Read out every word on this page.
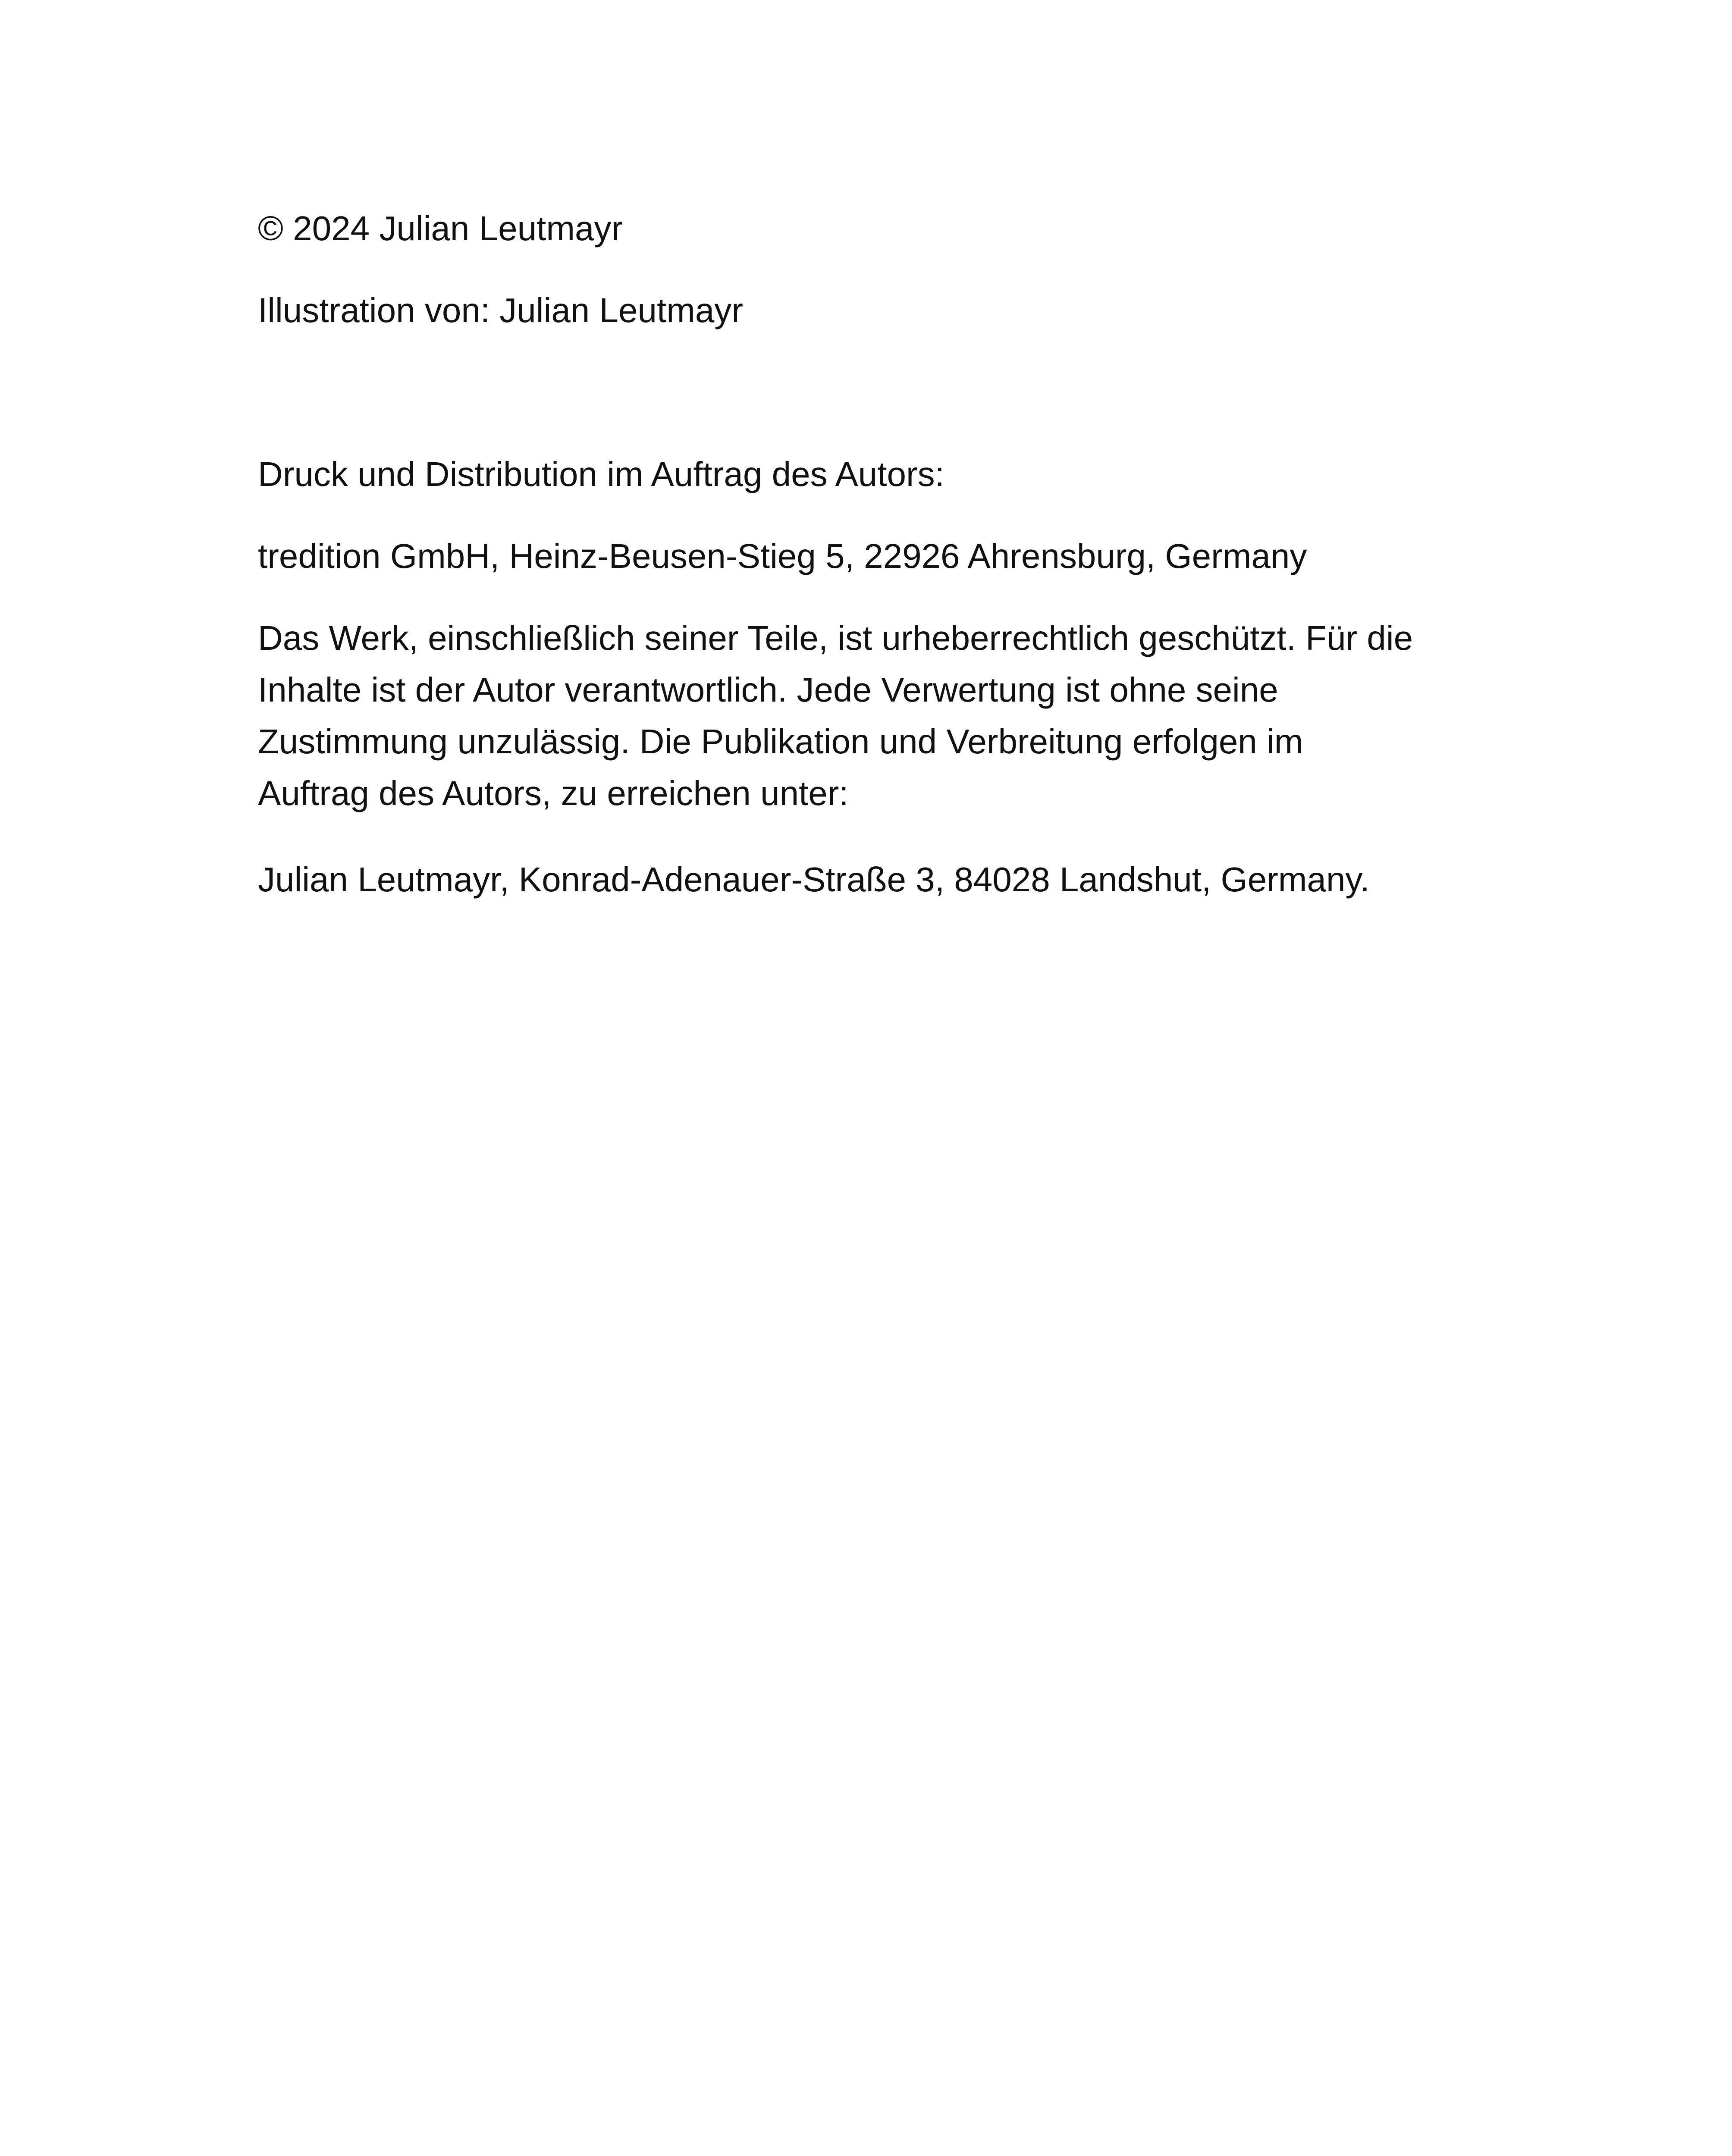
© 2024 Julian Leutmayr
Illustration von: Julian Leutmayr
Druck und Distribution im Auftrag des Autors:
tredition GmbH, Heinz-Beusen-Stieg 5, 22926 Ahrensburg, Germany
Das Werk, einschließlich seiner Teile, ist urheberrechtlich geschützt. Für die
Inhalte ist der Autor verantwortlich. Jede Verwertung ist ohne seine
Zustimmung unzulässig. Die Publikation und Verbreitung erfolgen im
Auftrag des Autors, zu erreichen unter:
Julian Leutmayr, Konrad-Adenauer-Straße 3, 84028 Landshut, Germany.
